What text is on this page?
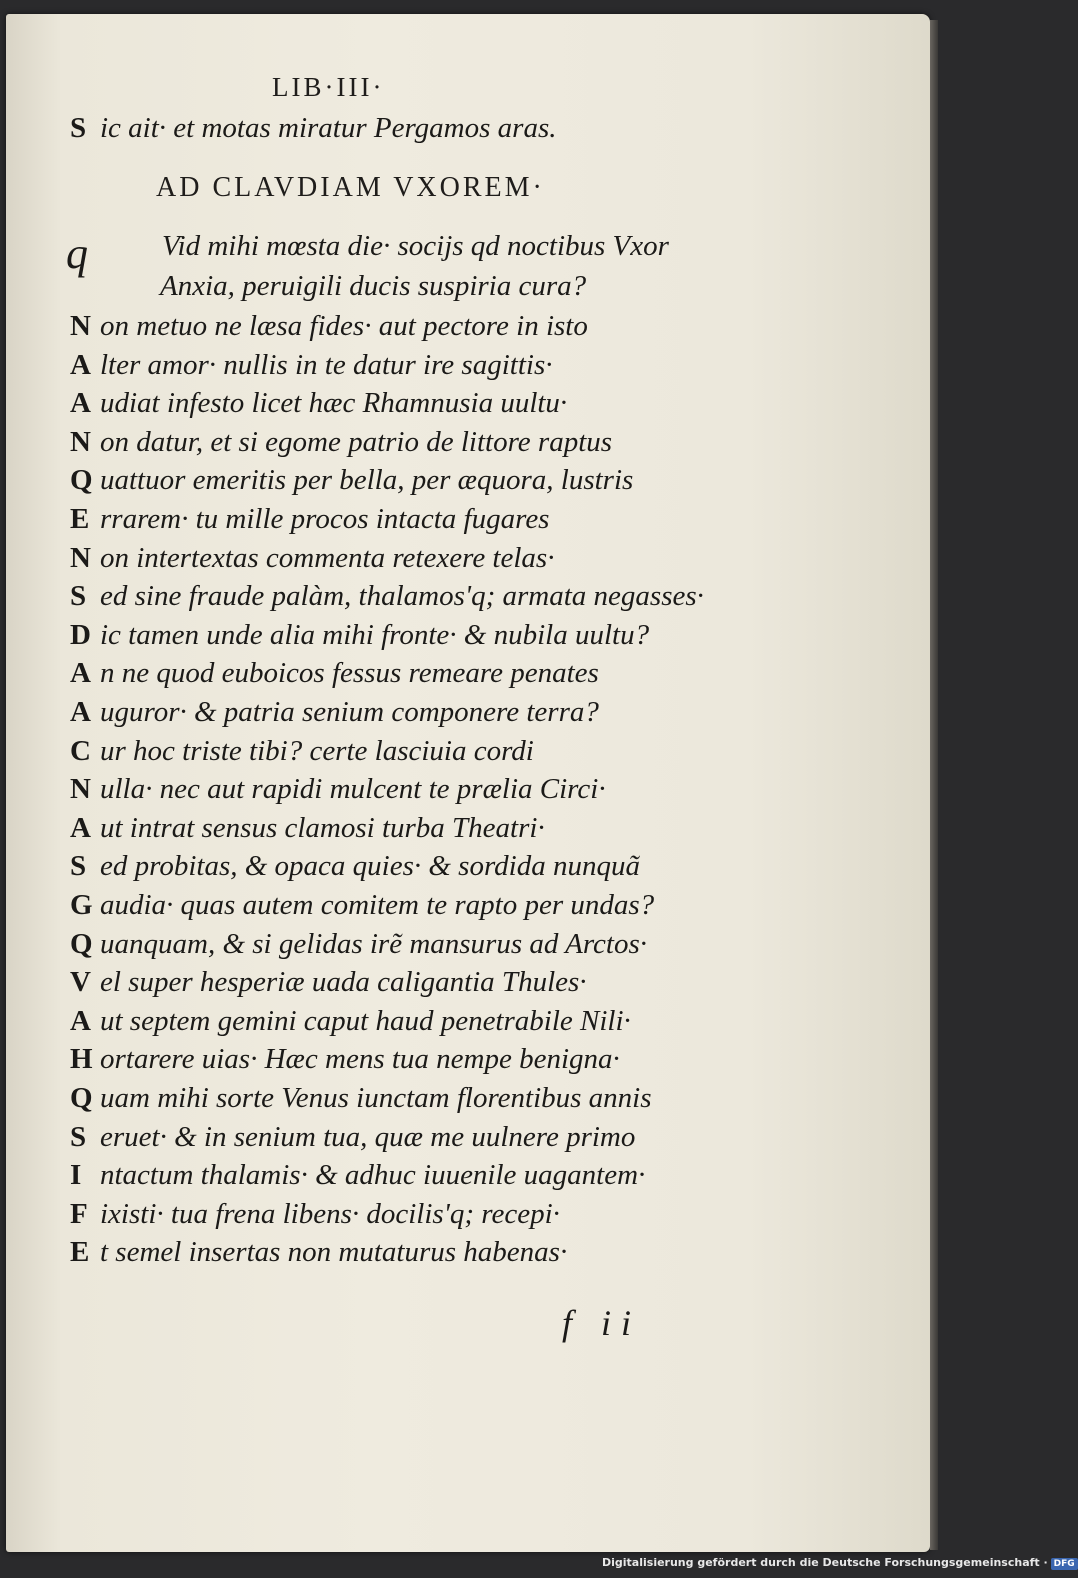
LIB·III·
S ic ait· et motas miratur Pergamos aras.
AD CLAVDIAM VXOREM·
q	Vid mihi mœsta die· socijs qd noctibus Vxor
Anxia, peruigili ducis suspiria cura?
N on metuo ne læsa fides· aut pectore in isto
A lter amor· nullis in te datur ire sagittis·
A udiat infesto licet hæc Rhamnusia uultu·
N on datur, et si egome patrio de littore raptus
Q uattuor emeritis per bella, per æquora, lustris
E rrarem· tu mille procos intacta fugares
N on intertextas commenta retexere telas·
S ed sine fraude palàm, thalamos'q; armata negasses·
D ic tamen unde alia mihi fronte· & nubila uultu?
A n ne quod euboicos fessus remeare penates
A uguror· & patria senium componere terra?
C ur hoc triste tibi? certe lasciuia cordi
N ulla· nec aut rapidi mulcent te prælia Circi·
A ut intrat sensus clamosi turba Theatri·
S ed probitas, & opaca quies· & sordida nunquã
G audia· quas autem comitem te rapto per undas?
Q uanquam, & si gelidas irẽ mansurus ad Arctos·
V el super hesperiæ uada caligantia Thules·
A ut septem gemini caput haud penetrabile Nili·
H ortarere uias· Hæc mens tua nempe benigna·
Q uam mihi sorte Venus iunctam florentibus annis
S eruet· & in senium tua, quæ me uulnere primo
I ntactum thalamis· & adhuc iuuenile uagantem·
F ixisti· tua frena libens· docilis'q; recepi·
E t semel insertas non mutaturus habenas·
f ii
Digitalisierung gefördert durch die Deutsche Forschungsgemeinschaft · DFG
